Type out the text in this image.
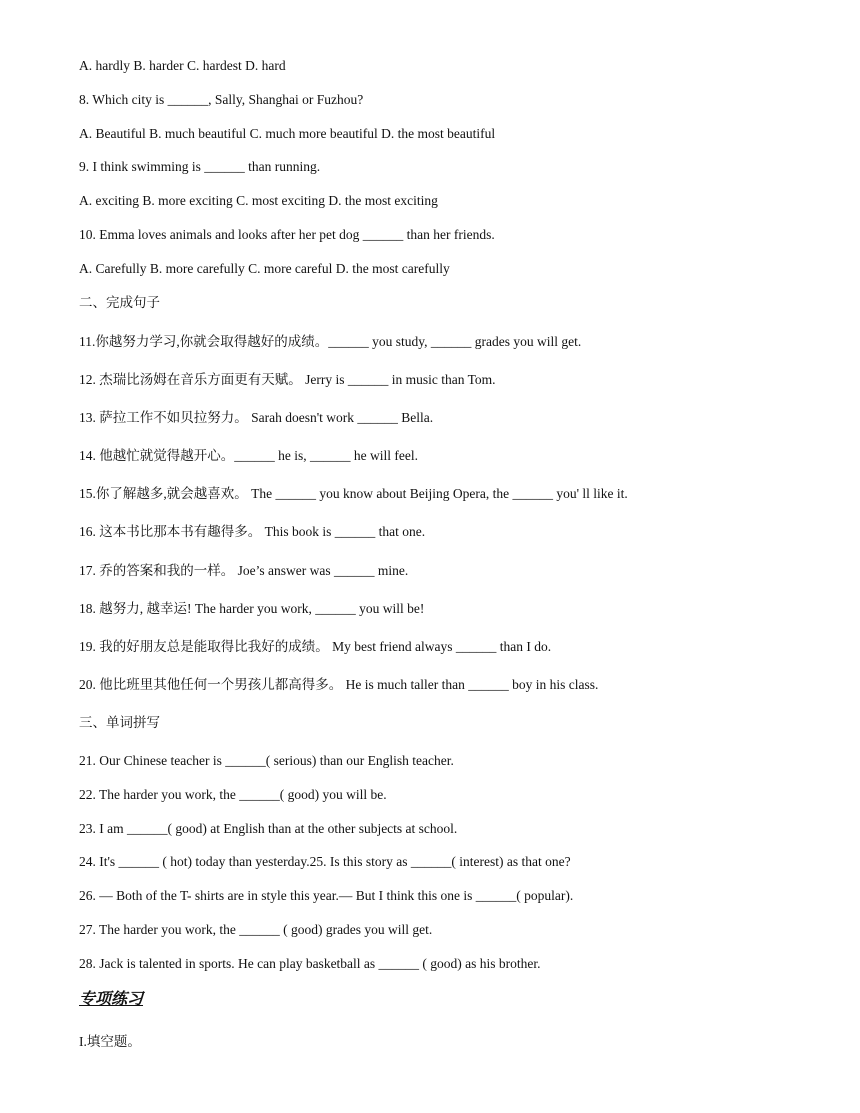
A. hardly B. harder C. hardest D. hard
8. Which city is ______, Sally, Shanghai or Fuzhou?
A. Beautiful B. much beautiful C. much more beautiful D. the most beautiful
9. I think swimming is ______ than running.
A. exciting B. more exciting C. most exciting D. the most exciting
10. Emma loves animals and looks after her pet dog ______ than her friends.
A. Carefully B. more carefully C. more careful D. the most carefully
二、完成句子
11.你越努力学习,你就会取得越好的成绩。______ you study, ______ grades you will get.
12. 杰瑞比汤姆在音乐方面更有天赋。 Jerry is ______ in music than Tom.
13. 萨拉工作不如贝拉努力。 Sarah doesn't work ______ Bella.
14. 他越忙就觉得越开心。______ he is, ______ he will feel.
15.你了解越多,就会越喜欢。 The ______ you know about Beijing Opera, the ______ you' ll like it.
16. 这本书比那本书有趣得多。 This book is ______ that one.
17. 乔的答案和我的一样。 Joe’s answer was ______ mine.
18. 越努力, 越幸运! The harder you work, ______ you will be!
19. 我的好朋友总是能取得比我好的成绩。 My best friend always ______ than I do.
20. 他比班里其他任何一个男孩儿都高得多。 He is much taller than ______ boy in his class.
三、单词拼写
21. Our Chinese teacher is ______( serious) than our English teacher.
22. The harder you work, the ______( good) you will be.
23. I am ______( good) at English than at the other subjects at school.
24. It's ______ ( hot) today than yesterday.25. Is this story as ______( interest) as that one?
26. — Both of the T- shirts are in style this year.— But I think this one is ______( popular).
27. The harder you work, the ______ ( good) grades you will get.
28. Jack is talented in sports. He can play basketball as ______ ( good) as his brother.
专项练习
I.填空题。
